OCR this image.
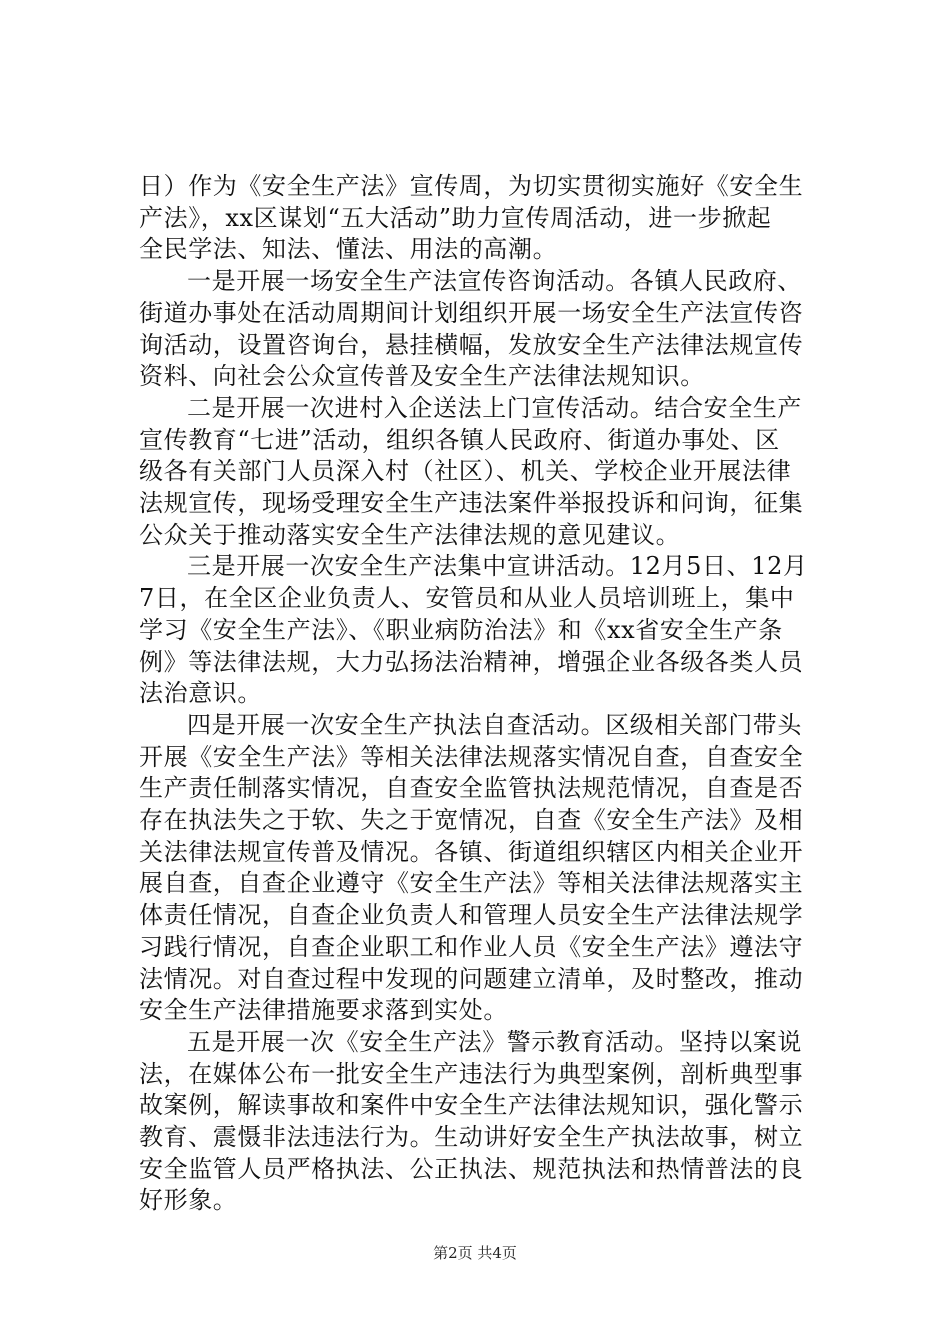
日）作为《安全生产法》宣传周，为切实贯彻实施好《安全生
产法》，xx区谋划“五大活动”助力宣传周活动，进一步掀起
全民学法、知法、懂法、用法的高潮。
一是开展一场安全生产法宣传咨询活动。各镇人民政府、
街道办事处在活动周期间计划组织开展一场安全生产法宣传咨
询活动，设置咨询台，悬挂横幅，发放安全生产法律法规宣传
资料、向社会公众宣传普及安全生产法律法规知识。
二是开展一次进村入企送法上门宣传活动。结合安全生产
宣传教育“七进”活动，组织各镇人民政府、街道办事处、区
级各有关部门人员深入村（社区）、机关、学校企业开展法律
法规宣传，现场受理安全生产违法案件举报投诉和问询，征集
公众关于推动落实安全生产法律法规的意见建议。
三是开展一次安全生产法集中宣讲活动。12月5日、12月
7日，在全区企业负责人、安管员和从业人员培训班上，集中
学习《安全生产法》、《职业病防治法》和《xx省安全生产条
例》等法律法规，大力弘扬法治精神，增强企业各级各类人员
法治意识。
四是开展一次安全生产执法自查活动。区级相关部门带头
开展《安全生产法》等相关法律法规落实情况自查，自查安全
生产责任制落实情况，自查安全监管执法规范情况，自查是否
存在执法失之于软、失之于宽情况，自查《安全生产法》及相
关法律法规宣传普及情况。各镇、街道组织辖区内相关企业开
展自查，自查企业遵守《安全生产法》等相关法律法规落实主
体责任情况，自查企业负责人和管理人员安全生产法律法规学
习践行情况，自查企业职工和作业人员《安全生产法》遵法守
法情况。对自查过程中发现的问题建立清单，及时整改，推动
安全生产法律措施要求落到实处。
五是开展一次《安全生产法》警示教育活动。坚持以案说
法，在媒体公布一批安全生产违法行为典型案例，剖析典型事
故案例，解读事故和案件中安全生产法律法规知识，强化警示
教育、震慑非法违法行为。生动讲好安全生产执法故事，树立
安全监管人员严格执法、公正执法、规范执法和热情普法的良
好形象。
第2页 共4页
